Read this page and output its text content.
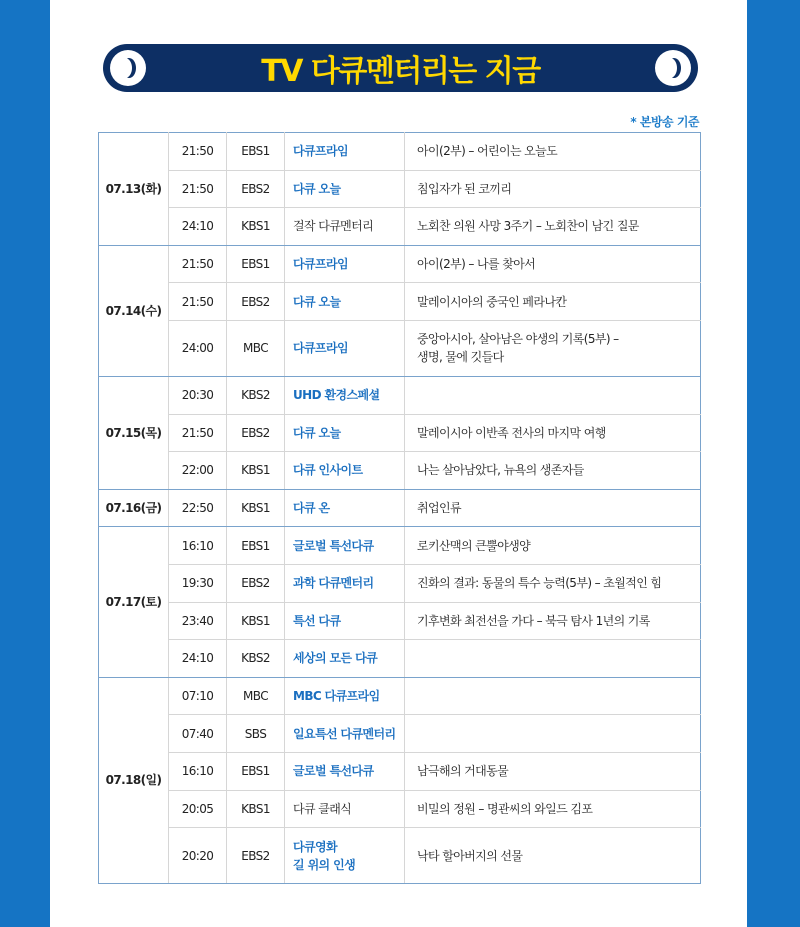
TV 다큐멘터리는 지금
* 본방송 기준
07.13(화)	21:50	EBS1	다큐프라임	아이(2부) – 어린이는 오늘도

	21:50	EBS2	다큐 오늘	침입자가 된 코끼리

	24:10	KBS1	걸작 다큐멘터리	노회찬 의원 사망 3주기 – 노회찬이 남긴 질문

07.14(수)	21:50	EBS1	다큐프라임	아이(2부) – 나를 찾아서

	21:50	EBS2	다큐 오늘	말레이시아의 중국인 페라나칸

	24:00	MBC	다큐프라임	중앙아시아, 살아남은 야생의 기록(5부) –
생명, 물에 깃들다

07.15(목)	20:30	KBS2	UHD 환경스페셜	

	21:50	EBS2	다큐 오늘	말레이시아 이반족 전사의 마지막 여행

	22:00	KBS1	다큐 인사이트	나는 살아남았다, 뉴욕의 생존자들

07.16(금)	22:50	KBS1	다큐 온	취업인류

07.17(토)	16:10	EBS1	글로벌 특선다큐	로키산맥의 큰뿔야생양

	19:30	EBS2	과학 다큐멘터리	진화의 결과: 동물의 특수 능력(5부) – 초월적인 힘

	23:40	KBS1	특선 다큐	기후변화 최전선을 가다 – 북극 탐사 1년의 기록

	24:10	KBS2	세상의 모든 다큐	

07.18(일)	07:10	MBC	MBC 다큐프라임	

	07:40	SBS	일요특선 다큐멘터리	

	16:10	EBS1	글로벌 특선다큐	남극해의 거대동물

	20:05	KBS1	다큐 클래식	비밀의 정원 – 명관씨의 와일드 김포

	20:20	EBS2	다큐영화
길 위의 인생	낙타 할아버지의 선물
